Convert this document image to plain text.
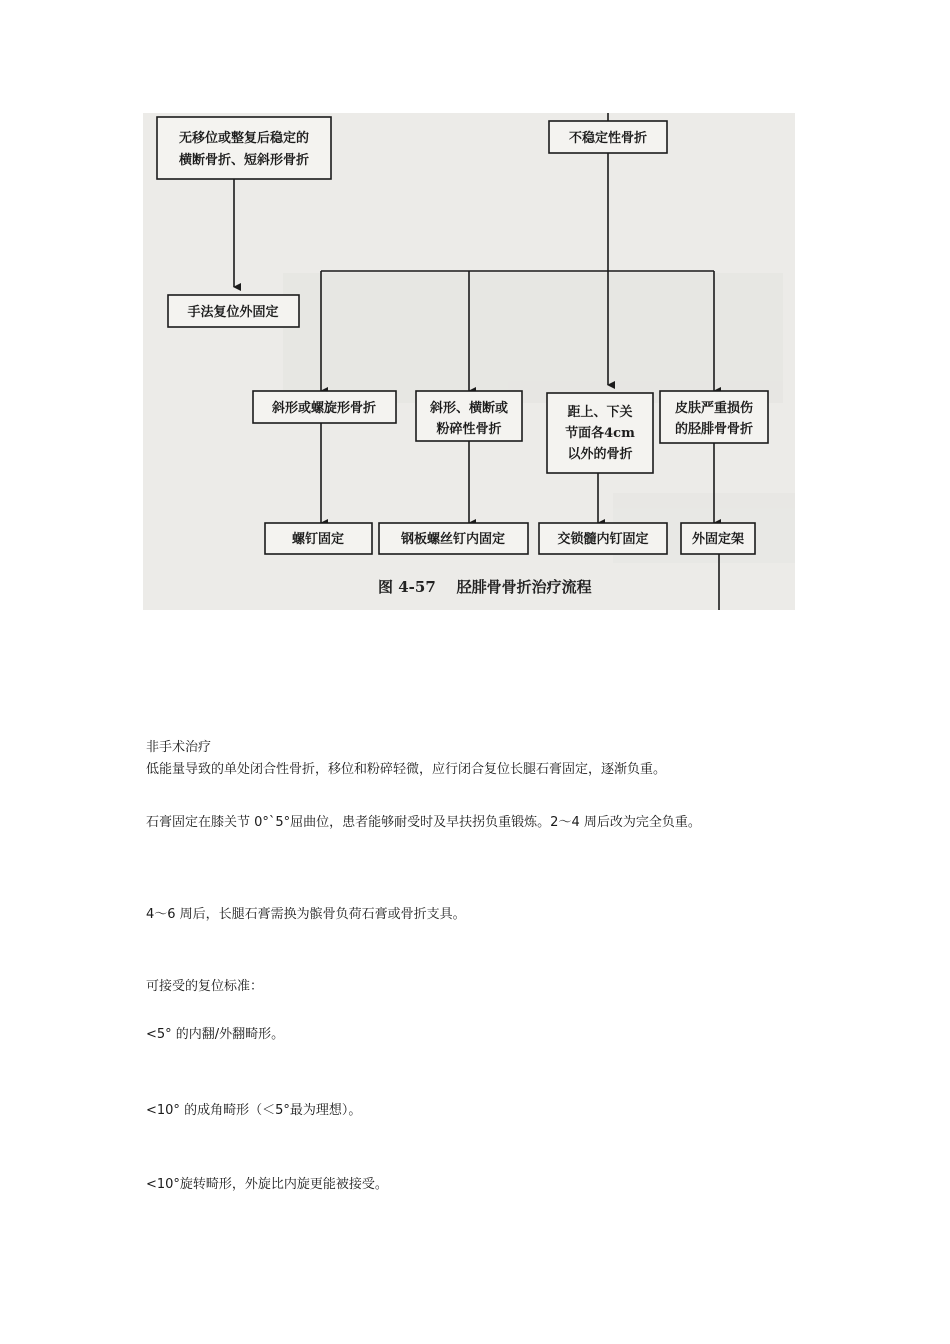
无移位或整复后稳定的
横断骨折、短斜形骨折
不稳定性骨折
手法复位外固定
斜形或螺旋形骨折	斜形、横断或
粉碎性骨折
距上、下关
节面各4cm
以外的骨折
皮肤严重损伤
的胫腓骨骨折
螺钉固定	钢板螺丝钉内固定	交锁髓内钉固定	外固定架
图 4-57    胫腓骨骨折治疗流程
非手术治疗
低能量导致的单处闭合性骨折，移位和粉碎轻微，应行闭合复位长腿石膏固定，逐渐负重。
石膏固定在膝关节 0°`5°屈曲位，患者能够耐受时及早扶拐负重锻炼。2～4 周后改为完全负重。
4～6 周后，长腿石膏需换为髌骨负荷石膏或骨折支具。
可接受的复位标准：
<5° 的内翻/外翻畸形。
<10° 的成角畸形（＜5°最为理想）。
<10°旋转畸形，外旋比内旋更能被接受。
